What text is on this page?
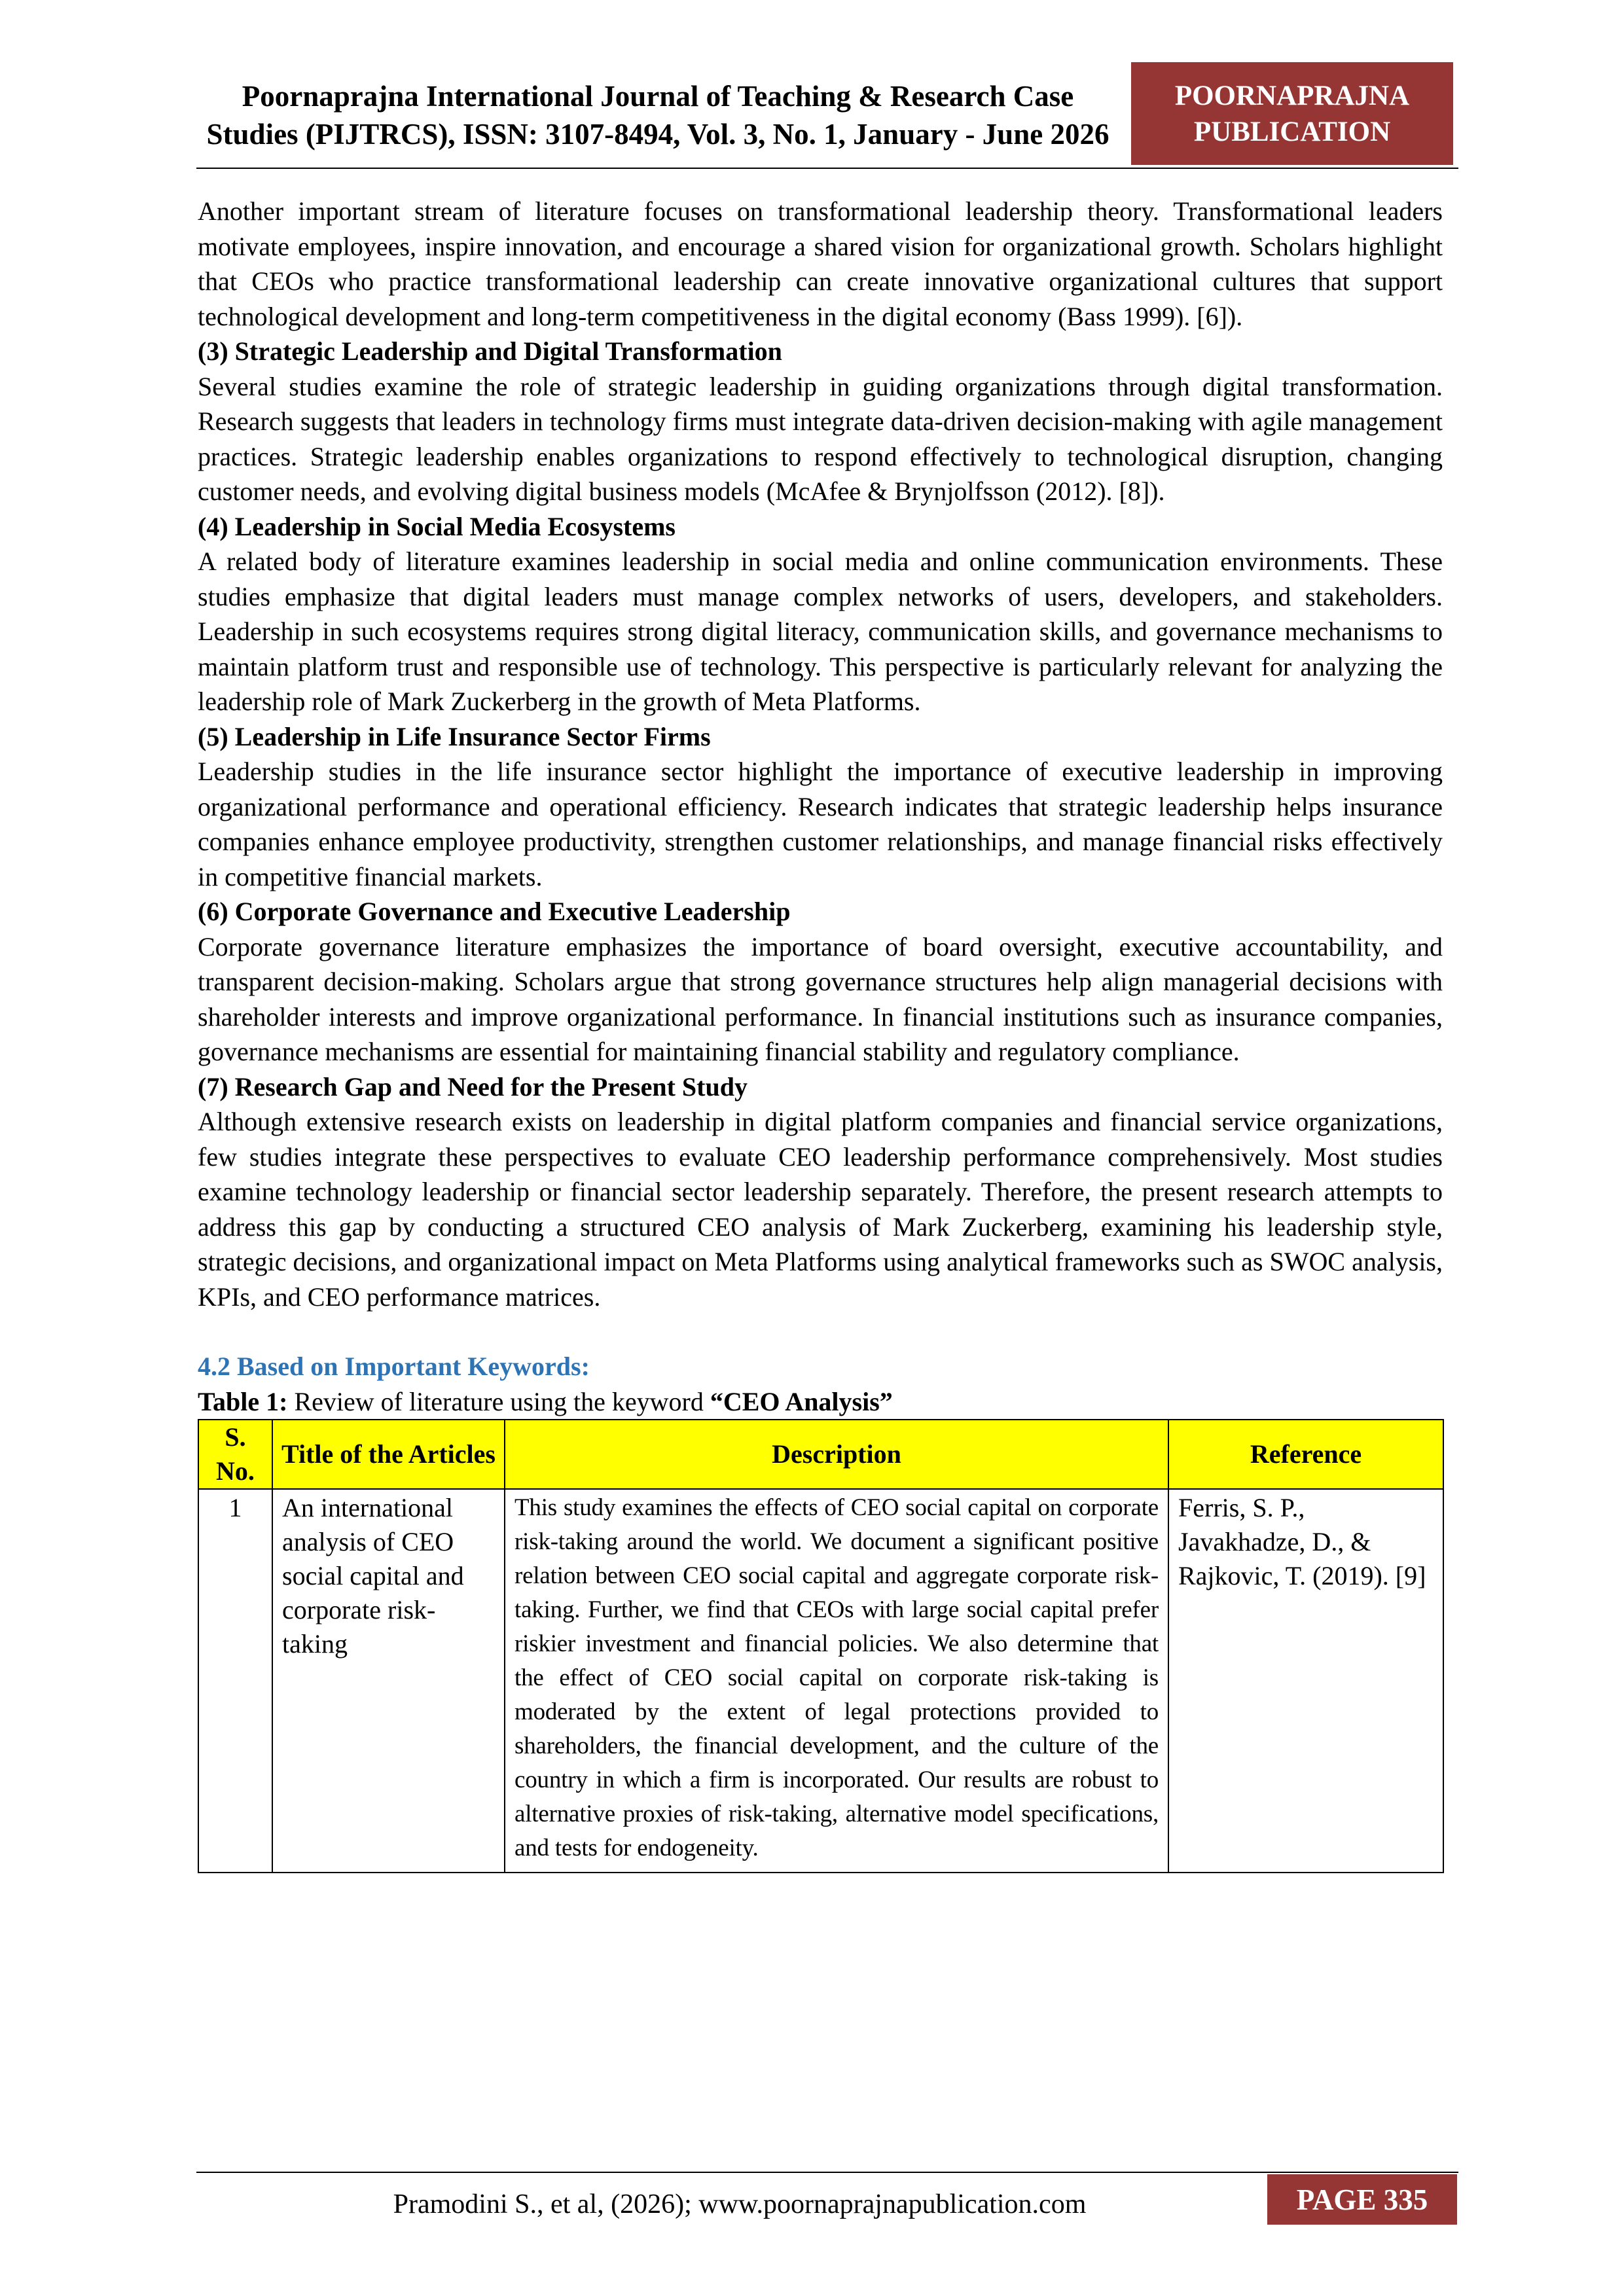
Poornaprajna International Journal of Teaching & Research Case
Studies (PIJTRCS), ISSN: 3107-8494, Vol. 3, No. 1, January - June 2026
POORNAPRAJNA
PUBLICATION

Another important stream of literature focuses on transformational leadership theory. Transformational leaders motivate employees, inspire innovation, and encourage a shared vision for organizational growth. Scholars highlight that CEOs who practice transformational leadership can create innovative organizational cultures that support technological development and long-term competitiveness in the digital economy (Bass 1999). [6]).

(3) Strategic Leadership and Digital Transformation

Several studies examine the role of strategic leadership in guiding organizations through digital transformation. Research suggests that leaders in technology firms must integrate data-driven decision-making with agile management practices. Strategic leadership enables organizations to respond effectively to technological disruption, changing customer needs, and evolving digital business models (McAfee & Brynjolfsson (2012). [8]).

(4) Leadership in Social Media Ecosystems

A related body of literature examines leadership in social media and online communication environments. These studies emphasize that digital leaders must manage complex networks of users, developers, and stakeholders. Leadership in such ecosystems requires strong digital literacy, communication skills, and governance mechanisms to maintain platform trust and responsible use of technology. This perspective is particularly relevant for analyzing the leadership role of Mark Zuckerberg in the growth of Meta Platforms.

(5) Leadership in Life Insurance Sector Firms

Leadership studies in the life insurance sector highlight the importance of executive leadership in improving organizational performance and operational efficiency. Research indicates that strategic leadership helps insurance companies enhance employee productivity, strengthen customer relationships, and manage financial risks effectively in competitive financial markets.

(6) Corporate Governance and Executive Leadership

Corporate governance literature emphasizes the importance of board oversight, executive accountability, and transparent decision-making. Scholars argue that strong governance structures help align managerial decisions with shareholder interests and improve organizational performance. In financial institutions such as insurance companies, governance mechanisms are essential for maintaining financial stability and regulatory compliance.

(7) Research Gap and Need for the Present Study

Although extensive research exists on leadership in digital platform companies and financial service organizations, few studies integrate these perspectives to evaluate CEO leadership performance comprehensively. Most studies examine technology leadership or financial sector leadership separately. Therefore, the present research attempts to address this gap by conducting a structured CEO analysis of Mark Zuckerberg, examining his leadership style, strategic decisions, and organizational impact on Meta Platforms using analytical frameworks such as SWOC analysis, KPIs, and CEO performance matrices.

4.2 Based on Important Keywords:

Table 1: Review of literature using the keyword “CEO Analysis”

S. No.	Title of the Articles	Description	Reference
1	An international analysis of CEO social capital and corporate risk-taking	This study examines the effects of CEO social capital on corporate risk-taking around the world. We document a significant positive relation between CEO social capital and aggregate corporate risk-taking. Further, we find that CEOs with large social capital prefer riskier investment and financial policies. We also determine that the effect of CEO social capital on corporate risk-taking is moderated by the extent of legal protections provided to shareholders, the financial development, and the culture of the country in which a firm is incorporated. Our results are robust to alternative proxies of risk-taking, alternative model specifications, and tests for endogeneity.	Ferris, S. P., Javakhadze, D., & Rajkovic, T. (2019). [9]
Pramodini S., et al, (2026); www.poornaprajnapublication.com	PAGE 335
